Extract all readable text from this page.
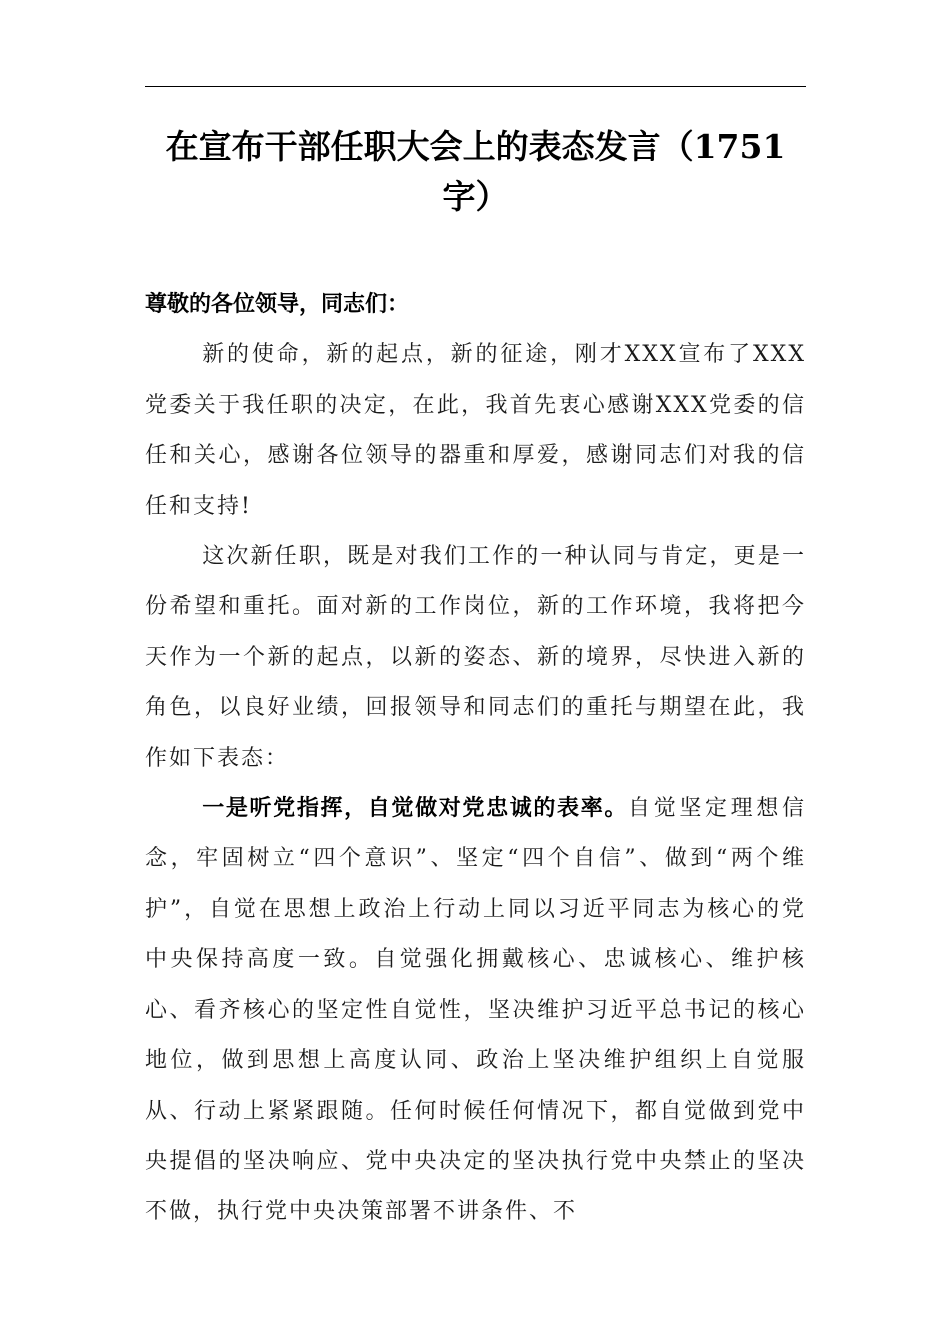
在宣布干部任职大会上的表态发言（1751字）

尊敬的各位领导，同志们：

新的使命，新的起点，新的征途，刚才XXX宣布了XXX党委关于我任职的决定，在此，我首先衷心感谢XXX党委的信任和关心，感谢各位领导的器重和厚爱，感谢同志们对我的信任和支持!

这次新任职，既是对我们工作的一种认同与肯定，更是一份希望和重托。面对新的工作岗位，新的工作环境，我将把今天作为一个新的起点，以新的姿态、新的境界，尽快进入新的角色，以良好业绩，回报领导和同志们的重托与期望在此，我作如下表态：

一是听党指挥，自觉做对党忠诚的表率。自觉坚定理想信念，牢固树立“四个意识”、坚定“四个自信”、做到“两个维护”，自觉在思想上政治上行动上同以习近平同志为核心的党中央保持高度一致。自觉强化拥戴核心、忠诚核心、维护核心、看齐核心的坚定性自觉性，坚决维护习近平总书记的核心地位，做到思想上高度认同、政治上坚决维护组织上自觉服从、行动上紧紧跟随。任何时候任何情况下，都自觉做到党中央提倡的坚决响应、党中央决定的坚决执行党中央禁止的坚决不做，执行党中央决策部署不讲条件、不
